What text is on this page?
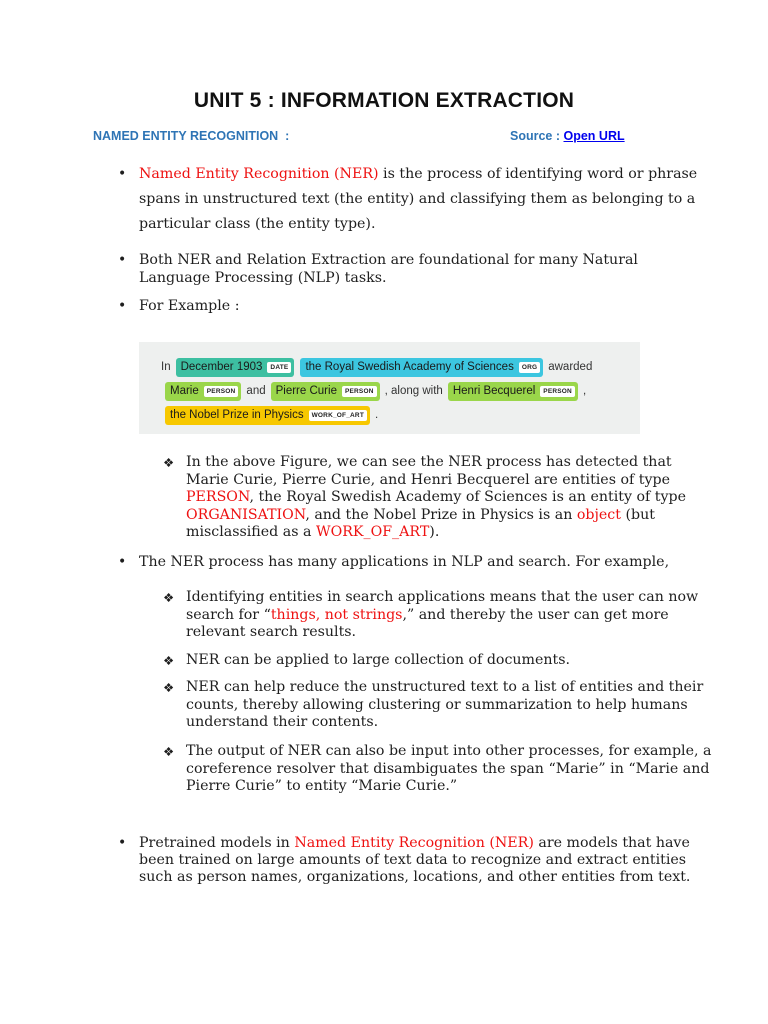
UNIT 5 : INFORMATION EXTRACTION
NAMED ENTITY RECOGNITION  :	Source : Open URL
• Named Entity Recognition (NER) is the process of identifying word or phrase
spans in unstructured text (the entity) and classifying them as belonging to a
particular class (the entity type).
• Both NER and Relation Extraction are foundational for many Natural
Language Processing (NLP) tasks.
• For Example :
In December 1903	DATE the Royal Swedish Academy of Sciences	ORG awarded
Marie	PERSON and Pierre Curie	PERSON , along with Henri Becquerel	PERSON ,
the Nobel Prize in Physics	WORK_OF_ART .
❖ In the above Figure, we can see the NER process has detected that
Marie Curie, Pierre Curie, and Henri Becquerel are entities of type
PERSON, the Royal Swedish Academy of Sciences is an entity of type
ORGANISATION, and the Nobel Prize in Physics is an object (but
misclassified as a WORK_OF_ART).
• The NER process has many applications in NLP and search. For example,
❖ Identifying entities in search applications means that the user can now
search for “things, not strings,” and thereby the user can get more
relevant search results.
❖ NER can be applied to large collection of documents.
❖ NER can help reduce the unstructured text to a list of entities and their
counts, thereby allowing clustering or summarization to help humans
understand their contents.
❖ The output of NER can also be input into other processes, for example, a
coreference resolver that disambiguates the span “Marie” in “Marie and
Pierre Curie” to entity “Marie Curie.”
• Pretrained models in Named Entity Recognition (NER) are models that have
been trained on large amounts of text data to recognize and extract entities
such as person names, organizations, locations, and other entities from text.
